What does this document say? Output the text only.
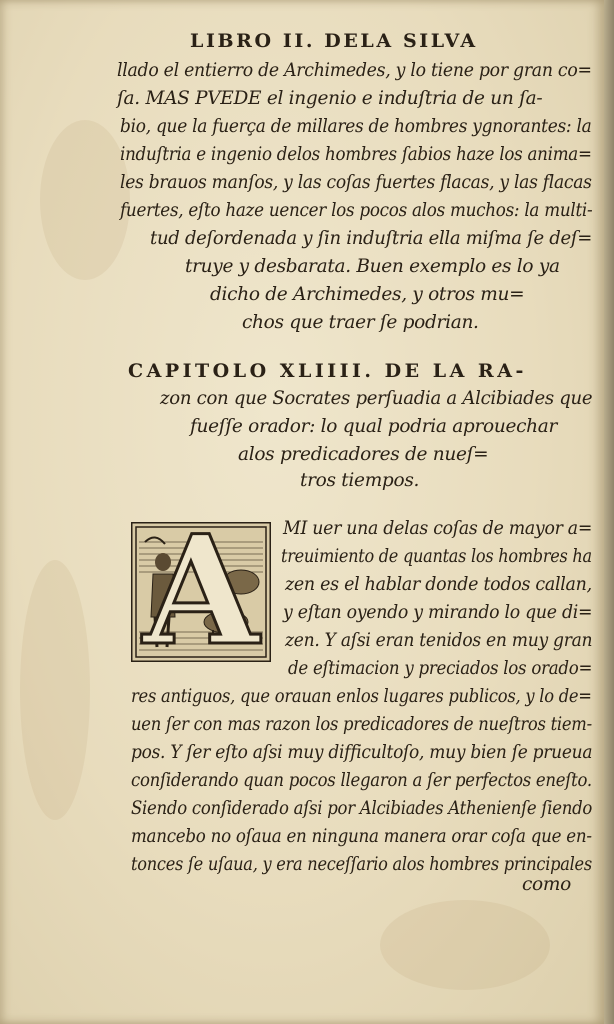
LIBRO II. DELA SILVA
llado el entierro de Archimedes, y lo tiene por gran co=
ſa. MAS PVEDE el ingenio e induſtria de un ſa-
bio, que la fuerça de millares de hombres ygnorantes: la
induſtria e ingenio delos hombres ſabios haze los anima=
les brauos manſos, y las coſas fuertes flacas, y las flacas
fuertes, eſto haze uencer los pocos alos muchos: la multi-
tud deſordenada y ſin induſtria ella miſma ſe deſ=
truye y desbarata. Buen exemplo es lo ya
dicho de Archimedes, y otros mu=
chos que traer ſe podrian.
CAPITOLO XLIIII. DE LA RA-
zon con que Socrates perſuadia a Alcibiades que
fueſſe orador: lo qual podria aprouechar
alos predicadores de nueſ=
tros tiempos.
A	MI uer una delas coſas de mayor a=
treuimiento de quantas los hombres ha
zen es el hablar donde todos callan,
y eſtan oyendo y mirando lo que di=
zen. Y aſsi eran tenidos en muy gran
de eſtimacion y preciados los orado=
res antiguos, que orauan enlos lugares publicos, y lo de=
uen ſer con mas razon los predicadores de nueſtros tiem-
pos. Y ſer eſto aſsi muy difficultoſo, muy bien ſe prueua
conſiderando quan pocos llegaron a ſer perfectos eneſto.
Siendo conſiderado aſsi por Alcibiades Athenienſe ſiendo
mancebo no oſaua en ninguna manera orar coſa que en-
tonces ſe uſaua, y era neceſſario alos hombres principales
como
